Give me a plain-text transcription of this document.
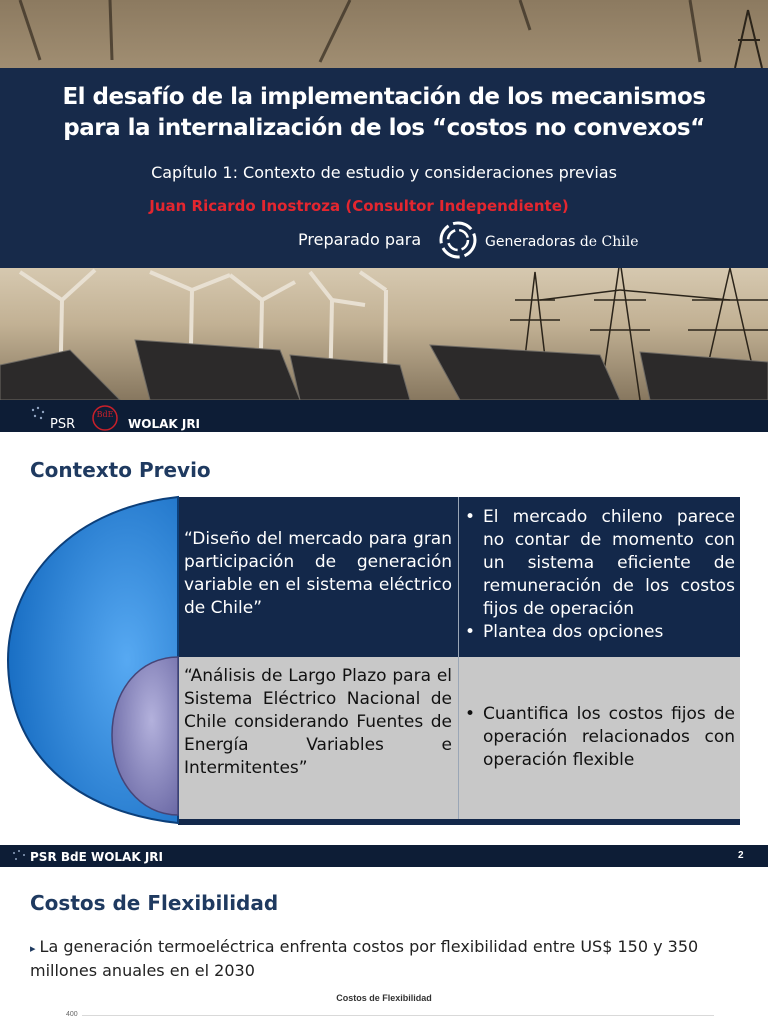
El desafío de la implementación de los mecanismos
para la internalización de los “costos no convexos“
Capítulo 1: Contexto de estudio y consideraciones previas
Juan Ricardo Inostroza (Consultor Independiente)
Preparado para	Generadoras de Chile
PSR
BdE
WOLAK JRI
Contexto Previo
“Diseño del mercado para gran participación de generación variable en el sistema eléctrico de Chile”
• El mercado chileno parece no contar de momento con un sistema eficiente de remuneración de los costos fijos de operación
• Plantea dos opciones
“Análisis de Largo Plazo para el Sistema Eléctrico Nacional de Chile considerando Fuentes de Energía Variables e Intermitentes”
• Cuantifica los costos fijos de operación relacionados con operación flexible
PSR BdE WOLAK JRI	2
Costos de Flexibilidad
▸ La generación termoeléctrica enfrenta costos por flexibilidad entre US$ 150 y 350 millones anuales en el 2030
Costos de Flexibilidad
400
